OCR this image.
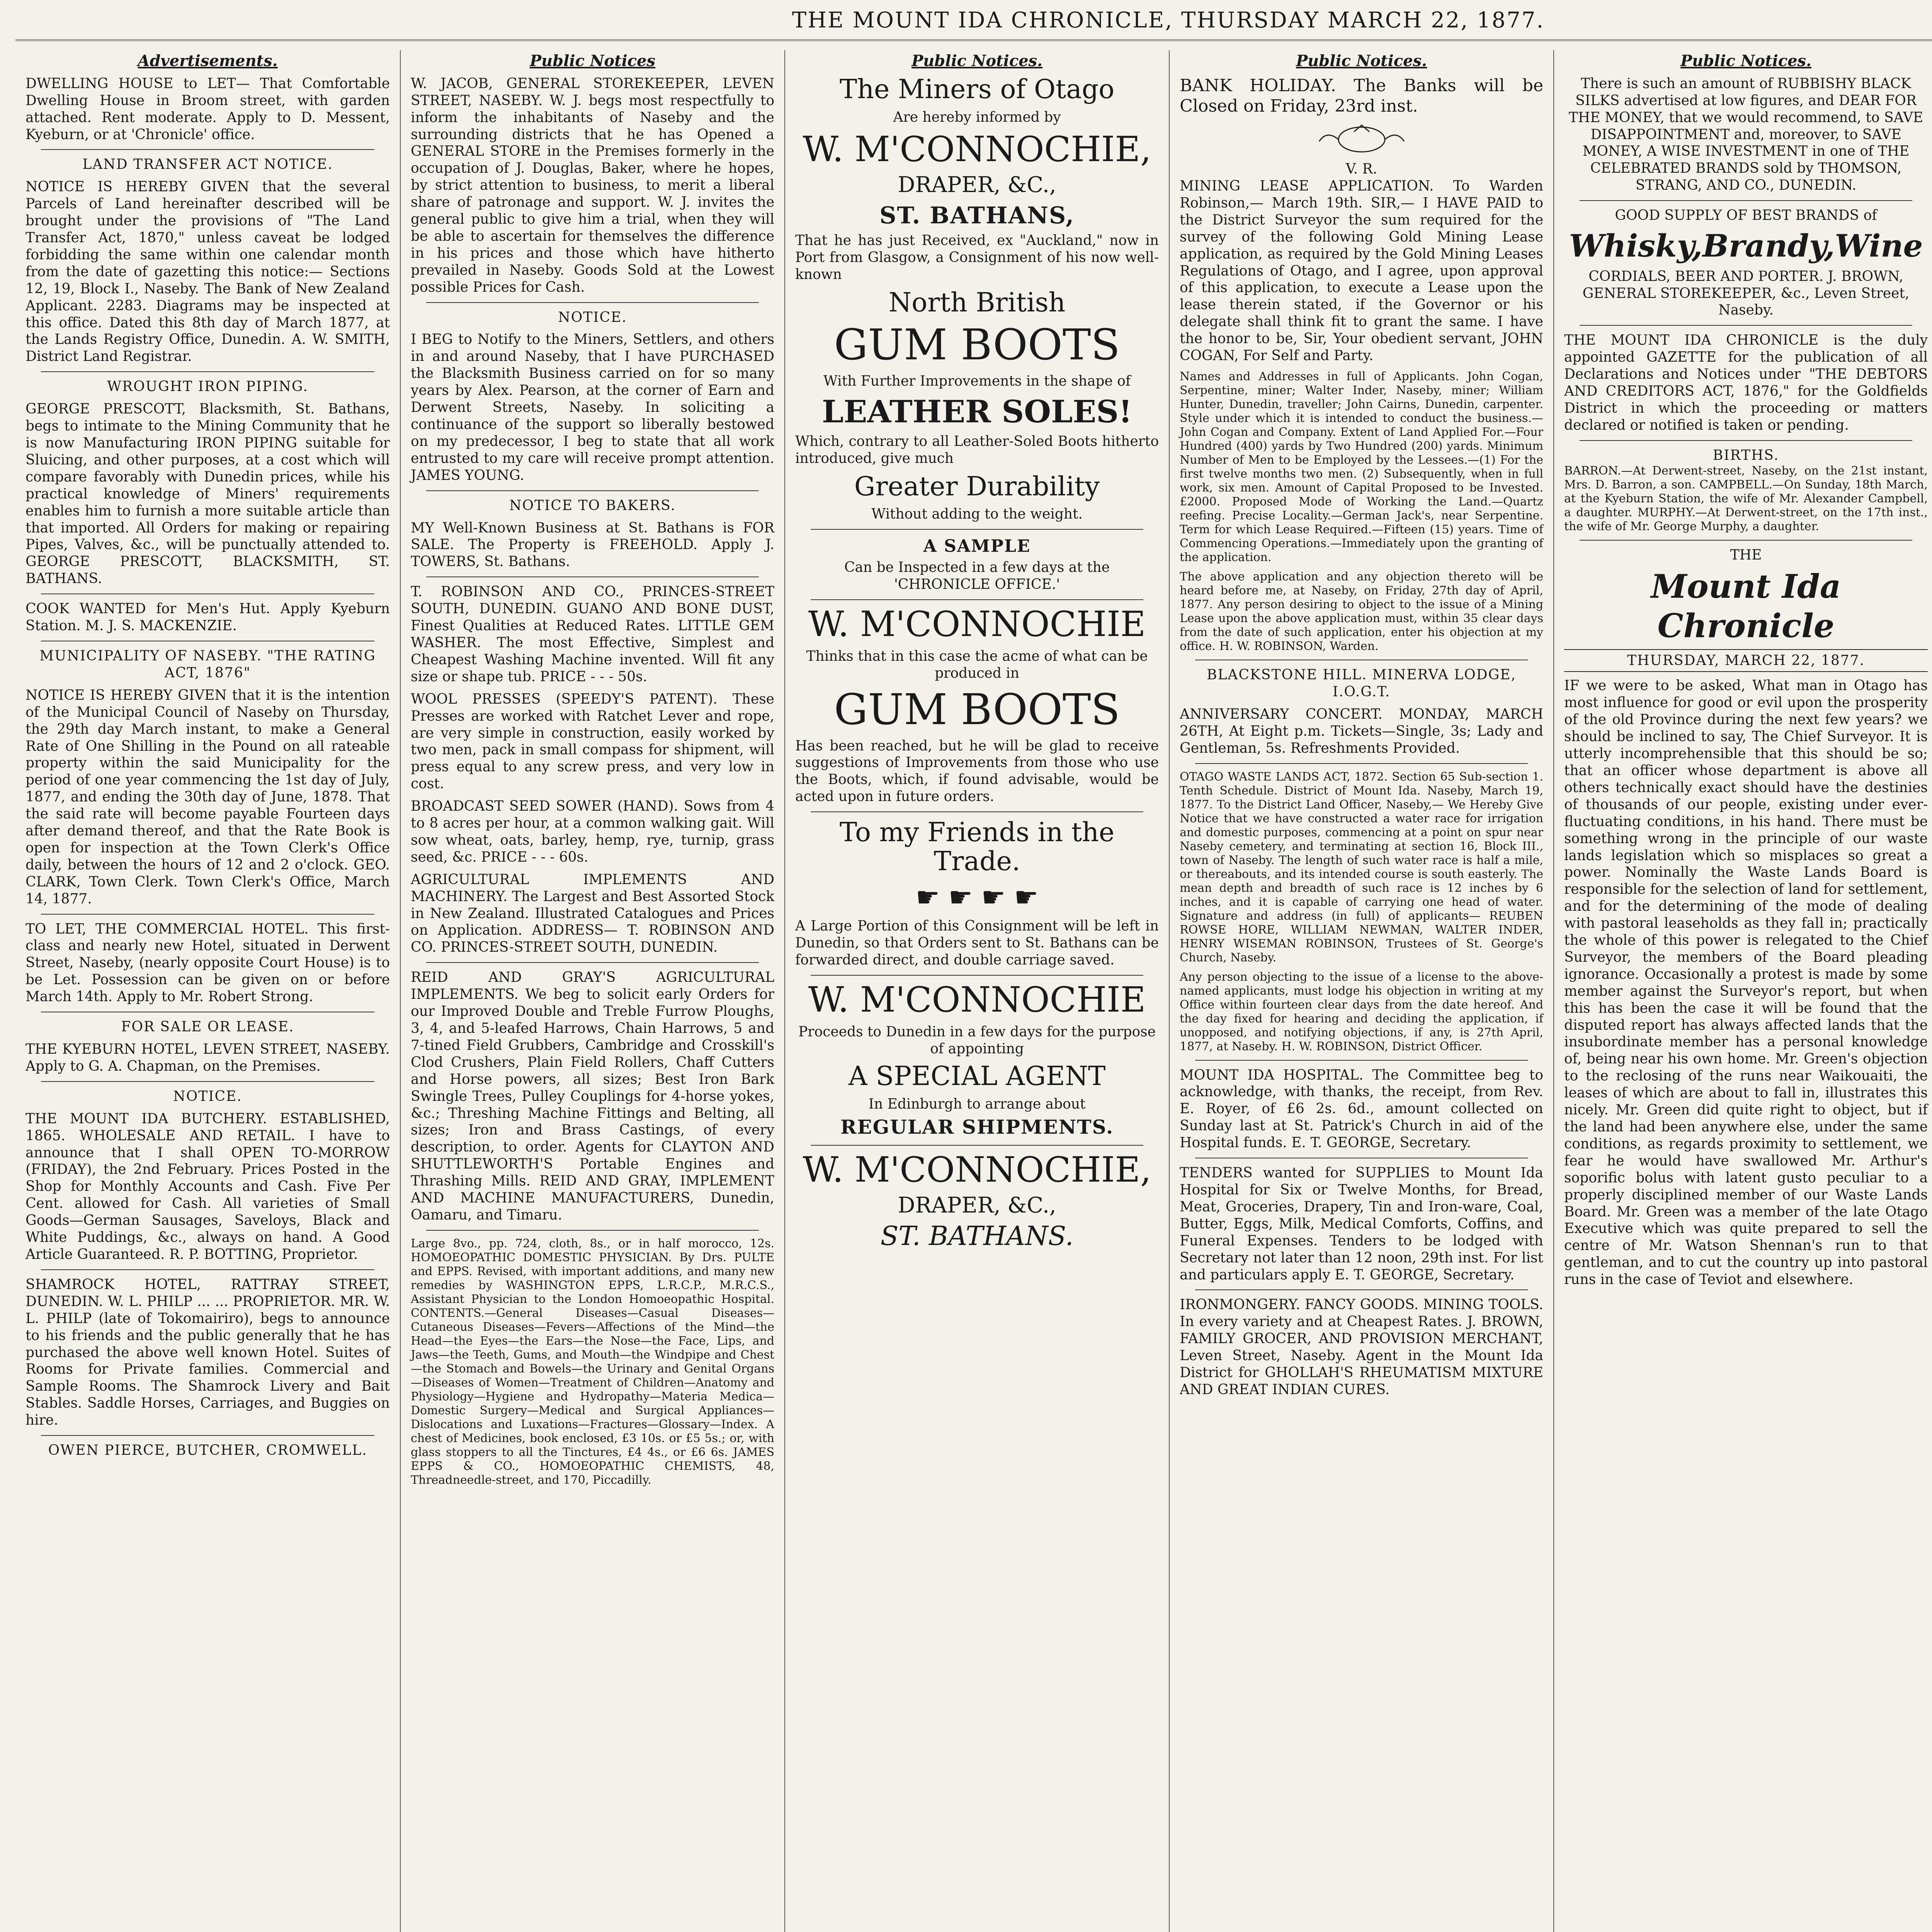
THE MOUNT IDA CHRONICLE, THURSDAY MARCH 22, 1877.
Advertisements.
DWELLING HOUSE to LET— That Comfortable Dwelling House in Broom street, with garden attached. Rent moderate. Apply to D. Messent, Kyeburn, or at 'Chronicle' office.
LAND TRANSFER ACT NOTICE.
NOTICE IS HEREBY GIVEN that the several Parcels of Land hereinafter described will be brought under the provisions of "The Land Transfer Act, 1870," unless caveat be lodged forbidding the same within one calendar month from the date of gazetting this notice:— Sections 12, 19, Block I., Naseby. The Bank of New Zealand Applicant. 2283. Diagrams may be inspected at this office. Dated this 8th day of March 1877, at the Lands Registry Office, Dunedin. A. W. SMITH, District Land Registrar.
WROUGHT IRON PIPING.
GEORGE PRESCOTT, Blacksmith, St. Bathans, begs to intimate to the Mining Community that he is now Manufacturing IRON PIPING suitable for Sluicing, and other purposes, at a cost which will compare favorably with Dunedin prices, while his practical knowledge of Miners' requirements enables him to furnish a more suitable article than that imported. All Orders for making or repairing Pipes, Valves, &c., will be punctually attended to. GEORGE PRESCOTT, BLACKSMITH, ST. BATHANS.
COOK WANTED for Men's Hut. Apply Kyeburn Station. M. J. S. MACKENZIE.
MUNICIPALITY OF NASEBY. "THE RATING ACT, 1876"
NOTICE IS HEREBY GIVEN that it is the intention of the Municipal Council of Naseby on Thursday, the 29th day March instant, to make a General Rate of One Shilling in the Pound on all rateable property within the said Municipality for the period of one year commencing the 1st day of July, 1877, and ending the 30th day of June, 1878. That the said rate will become payable Fourteen days after demand thereof, and that the Rate Book is open for inspection at the Town Clerk's Office daily, between the hours of 12 and 2 o'clock. GEO. CLARK, Town Clerk. Town Clerk's Office, March 14, 1877.
TO LET, THE COMMERCIAL HOTEL. This first-class and nearly new Hotel, situated in Derwent Street, Naseby, (nearly opposite Court House) is to be Let. Possession can be given on or before March 14th. Apply to Mr. Robert Strong.
FOR SALE OR LEASE.
THE KYEBURN HOTEL, LEVEN STREET, NASEBY. Apply to G. A. Chapman, on the Premises.
NOTICE.
THE MOUNT IDA BUTCHERY. ESTABLISHED, 1865. WHOLESALE AND RETAIL. I have to announce that I shall OPEN TO-MORROW (FRIDAY), the 2nd February. Prices Posted in the Shop for Monthly Accounts and Cash. Five Per Cent. allowed for Cash. All varieties of Small Goods—German Sausages, Saveloys, Black and White Puddings, &c., always on hand. A Good Article Guaranteed. R. P. BOTTING, Proprietor.
SHAMROCK HOTEL, RATTRAY STREET, DUNEDIN. W. L. PHILP ... ... PROPRIETOR. MR. W. L. PHILP (late of Tokomairiro), begs to announce to his friends and the public generally that he has purchased the above well known Hotel. Suites of Rooms for Private families. Commercial and Sample Rooms. The Shamrock Livery and Bait Stables. Saddle Horses, Carriages, and Buggies on hire.
OWEN PIERCE, BUTCHER, CROMWELL.
Public Notices
W. JACOB, GENERAL STOREKEEPER, LEVEN STREET, NASEBY. W. J. begs most respectfully to inform the inhabitants of Naseby and the surrounding districts that he has Opened a GENERAL STORE in the Premises formerly in the occupation of J. Douglas, Baker, where he hopes, by strict attention to business, to merit a liberal share of patronage and support. W. J. invites the general public to give him a trial, when they will be able to ascertain for themselves the difference in his prices and those which have hitherto prevailed in Naseby. Goods Sold at the Lowest possible Prices for Cash.
NOTICE.
I BEG to Notify to the Miners, Settlers, and others in and around Naseby, that I have PURCHASED the Blacksmith Business carried on for so many years by Alex. Pearson, at the corner of Earn and Derwent Streets, Naseby. In soliciting a continuance of the support so liberally bestowed on my predecessor, I beg to state that all work entrusted to my care will receive prompt attention. JAMES YOUNG.
NOTICE TO BAKERS.
MY Well-Known Business at St. Bathans is FOR SALE. The Property is FREEHOLD. Apply J. TOWERS, St. Bathans.
T. ROBINSON AND CO., PRINCES-STREET SOUTH, DUNEDIN. GUANO AND BONE DUST, Finest Qualities at Reduced Rates. LITTLE GEM WASHER. The most Effective, Simplest and Cheapest Washing Machine invented. Will fit any size or shape tub. PRICE - - - 50s.
WOOL PRESSES (SPEEDY'S PATENT). These Presses are worked with Ratchet Lever and rope, are very simple in construction, easily worked by two men, pack in small compass for shipment, will press equal to any screw press, and very low in cost.
BROADCAST SEED SOWER (HAND). Sows from 4 to 8 acres per hour, at a common walking gait. Will sow wheat, oats, barley, hemp, rye, turnip, grass seed, &c. PRICE - - - 60s.
AGRICULTURAL IMPLEMENTS AND MACHINERY. The Largest and Best Assorted Stock in New Zealand. Illustrated Catalogues and Prices on Application. ADDRESS— T. ROBINSON AND CO. PRINCES-STREET SOUTH, DUNEDIN.
REID AND GRAY'S AGRICULTURAL IMPLEMENTS. We beg to solicit early Orders for our Improved Double and Treble Furrow Ploughs, 3, 4, and 5-leafed Harrows, Chain Harrows, 5 and 7-tined Field Grubbers, Cambridge and Crosskill's Clod Crushers, Plain Field Rollers, Chaff Cutters and Horse powers, all sizes; Best Iron Bark Swingle Trees, Pulley Couplings for 4-horse yokes, &c.; Threshing Machine Fittings and Belting, all sizes; Iron and Brass Castings, of every description, to order. Agents for CLAYTON AND SHUTTLEWORTH'S Portable Engines and Thrashing Mills. REID AND GRAY, IMPLEMENT AND MACHINE MANUFACTURERS, Dunedin, Oamaru, and Timaru.
Large 8vo., pp. 724, cloth, 8s., or in half morocco, 12s. HOMOEOPATHIC DOMESTIC PHYSICIAN. By Drs. PULTE and EPPS. Revised, with important additions, and many new remedies by WASHINGTON EPPS, L.R.C.P., M.R.C.S., Assistant Physician to the London Homoeopathic Hospital. CONTENTS.—General Diseases—Casual Diseases—Cutaneous Diseases—Fevers—Affections of the Mind—the Head—the Eyes—the Ears—the Nose—the Face, Lips, and Jaws—the Teeth, Gums, and Mouth—the Windpipe and Chest—the Stomach and Bowels—the Urinary and Genital Organs—Diseases of Women—Treatment of Children—Anatomy and Physiology—Hygiene and Hydropathy—Materia Medica—Domestic Surgery—Medical and Surgical Appliances—Dislocations and Luxations—Fractures—Glossary—Index. A chest of Medicines, book enclosed, £3 10s. or £5 5s.; or, with glass stoppers to all the Tinctures, £4 4s., or £6 6s. JAMES EPPS & CO., HOMOEOPATHIC CHEMISTS, 48, Threadneedle-street, and 170, Piccadilly.
Public Notices.
The Miners of Otago
Are hereby informed by
W. M'CONNOCHIE,
DRAPER, &C.,
ST. BATHANS,
That he has just Received, ex "Auckland," now in Port from Glasgow, a Consignment of his now well-known
North British
GUM BOOTS
With Further Improvements in the shape of
LEATHER SOLES!
Which, contrary to all Leather-Soled Boots hitherto introduced, give much
Greater Durability
Without adding to the weight.
A SAMPLE
Can be Inspected in a few days at the 'CHRONICLE OFFICE.'
W. M'CONNOCHIE
Thinks that in this case the acme of what can be produced in
GUM BOOTS
Has been reached, but he will be glad to receive suggestions of Improvements from those who use the Boots, which, if found advisable, would be acted upon in future orders.
To my Friends in the Trade.
☛ ☛ ☛ ☛
A Large Portion of this Consignment will be left in Dunedin, so that Orders sent to St. Bathans can be forwarded direct, and double carriage saved.
W. M'CONNOCHIE
Proceeds to Dunedin in a few days for the purpose of appointing
A SPECIAL AGENT
In Edinburgh to arrange about
REGULAR SHIPMENTS.
W. M'CONNOCHIE,
DRAPER, &C.,
ST. BATHANS.
Public Notices.
BANK HOLIDAY. The Banks will be Closed on Friday, 23rd inst.
V. R.
MINING LEASE APPLICATION. To Warden Robinson,— March 19th. SIR,— I HAVE PAID to the District Surveyor the sum required for the survey of the following Gold Mining Lease application, as required by the Gold Mining Leases Regulations of Otago, and I agree, upon approval of this application, to execute a Lease upon the lease therein stated, if the Governor or his delegate shall think fit to grant the same. I have the honor to be, Sir, Your obedient servant, JOHN COGAN, For Self and Party.
Names and Addresses in full of Applicants. John Cogan, Serpentine, miner; Walter Inder, Naseby, miner; William Hunter, Dunedin, traveller; John Cairns, Dunedin, carpenter. Style under which it is intended to conduct the business.—John Cogan and Company. Extent of Land Applied For.—Four Hundred (400) yards by Two Hundred (200) yards. Minimum Number of Men to be Employed by the Lessees.—(1) For the first twelve months two men. (2) Subsequently, when in full work, six men. Amount of Capital Proposed to be Invested. £2000. Proposed Mode of Working the Land.—Quartz reefing. Precise Locality.—German Jack's, near Serpentine. Term for which Lease Required.—Fifteen (15) years. Time of Commencing Operations.—Immediately upon the granting of the application.
The above application and any objection thereto will be heard before me, at Naseby, on Friday, 27th day of April, 1877. Any person desiring to object to the issue of a Mining Lease upon the above application must, within 35 clear days from the date of such application, enter his objection at my office. H. W. ROBINSON, Warden.
BLACKSTONE HILL. MINERVA LODGE, I.O.G.T.
ANNIVERSARY CONCERT. MONDAY, MARCH 26TH, At Eight p.m. Tickets—Single, 3s; Lady and Gentleman, 5s. Refreshments Provided.
OTAGO WASTE LANDS ACT, 1872. Section 65 Sub-section 1. Tenth Schedule. District of Mount Ida. Naseby, March 19, 1877. To the District Land Officer, Naseby,— We Hereby Give Notice that we have constructed a water race for irrigation and domestic purposes, commencing at a point on spur near Naseby cemetery, and terminating at section 16, Block III., town of Naseby. The length of such water race is half a mile, or thereabouts, and its intended course is south easterly. The mean depth and breadth of such race is 12 inches by 6 inches, and it is capable of carrying one head of water. Signature and address (in full) of applicants— REUBEN ROWSE HORE, WILLIAM NEWMAN, WALTER INDER, HENRY WISEMAN ROBINSON, Trustees of St. George's Church, Naseby.
Any person objecting to the issue of a license to the above-named applicants, must lodge his objection in writing at my Office within fourteen clear days from the date hereof. And the day fixed for hearing and deciding the application, if unopposed, and notifying objections, if any, is 27th April, 1877, at Naseby. H. W. ROBINSON, District Officer.
MOUNT IDA HOSPITAL. The Committee beg to acknowledge, with thanks, the receipt, from Rev. E. Royer, of £6 2s. 6d., amount collected on Sunday last at St. Patrick's Church in aid of the Hospital funds. E. T. GEORGE, Secretary.
TENDERS wanted for SUPPLIES to Mount Ida Hospital for Six or Twelve Months, for Bread, Meat, Groceries, Drapery, Tin and Iron-ware, Coal, Butter, Eggs, Milk, Medical Comforts, Coffins, and Funeral Expenses. Tenders to be lodged with Secretary not later than 12 noon, 29th inst. For list and particulars apply E. T. GEORGE, Secretary.
IRONMONGERY. FANCY GOODS. MINING TOOLS. In every variety and at Cheapest Rates. J. BROWN, FAMILY GROCER, AND PROVISION MERCHANT, Leven Street, Naseby. Agent in the Mount Ida District for GHOLLAH'S RHEUMATISM MIXTURE AND GREAT INDIAN CURES.
Public Notices.
There is such an amount of RUBBISHY BLACK SILKS advertised at low figures, and DEAR FOR THE MONEY, that we would recommend, to SAVE DISAPPOINTMENT and, moreover, to SAVE MONEY, A WISE INVESTMENT in one of THE CELEBRATED BRANDS sold by THOMSON, STRANG, AND CO., DUNEDIN.
GOOD SUPPLY OF BEST BRANDS of
Whisky,Brandy,Wine
CORDIALS, BEER AND PORTER. J. BROWN, GENERAL STOREKEEPER, &c., Leven Street, Naseby.
THE MOUNT IDA CHRONICLE is the duly appointed GAZETTE for the publication of all Declarations and Notices under "THE DEBTORS AND CREDITORS ACT, 1876," for the Goldfields District in which the proceeding or matters declared or notified is taken or pending.
BIRTHS.
BARRON.—At Derwent-street, Naseby, on the 21st instant, Mrs. D. Barron, a son. CAMPBELL.—On Sunday, 18th March, at the Kyeburn Station, the wife of Mr. Alexander Campbell, a daughter. MURPHY.—At Derwent-street, on the 17th inst., the wife of Mr. George Murphy, a daughter.
THE
Mount Ida Chronicle
THURSDAY, MARCH 22, 1877.
IF we were to be asked, What man in Otago has most influence for good or evil upon the prosperity of the old Province during the next few years? we should be inclined to say, The Chief Surveyor. It is utterly incomprehensible that this should be so; that an officer whose department is above all others technically exact should have the destinies of thousands of our people, existing under ever-fluctuating conditions, in his hand. There must be something wrong in the principle of our waste lands legislation which so misplaces so great a power. Nominally the Waste Lands Board is responsible for the selection of land for settlement, and for the determining of the mode of dealing with pastoral leaseholds as they fall in; practically the whole of this power is relegated to the Chief Surveyor, the members of the Board pleading ignorance. Occasionally a protest is made by some member against the Surveyor's report, but when this has been the case it will be found that the disputed report has always affected lands that the insubordinate member has a personal knowledge of, being near his own home. Mr. Green's objection to the reclosing of the runs near Waikouaiti, the leases of which are about to fall in, illustrates this nicely. Mr. Green did quite right to object, but if the land had been anywhere else, under the same conditions, as regards proximity to settlement, we fear he would have swallowed Mr. Arthur's soporific bolus with latent gusto peculiar to a properly disciplined member of our Waste Lands Board. Mr. Green was a member of the late Otago Executive which was quite prepared to sell the centre of Mr. Watson Shennan's run to that gentleman, and to cut the country up into pastoral runs in the case of Teviot and elsewhere.
